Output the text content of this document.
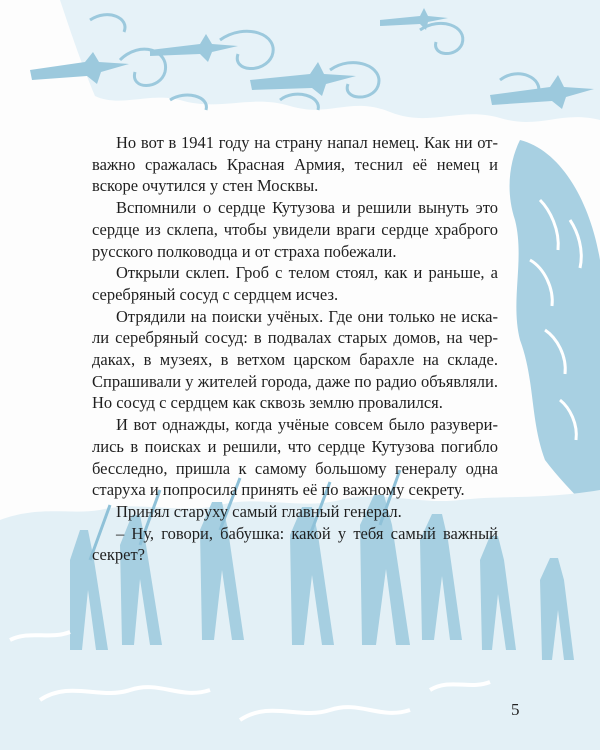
Но вот в 1941 году на страну напал немец. Как ни отважно сражалась Красная Армия, теснил её немец и вскоре очутился у стен Москвы.

Вспомнили о сердце Кутузова и решили вынуть это сердце из склепа, чтобы увидели враги сердце храброго русского полководца и от страха побежали.

Открыли склеп. Гроб с телом стоял, как и раньше, а серебряный сосуд с сердцем исчез.

Отрядили на поиски учёных. Где они только не искали серебряный сосуд: в подвалах старых домов, на чердаках, в музеях, в ветхом царском барахле на складе. Спрашивали у жителей города, даже по радио объявляли. Но сосуд с сердцем как сквозь землю провалился.

И вот однажды, когда учёные совсем было разуверились в поисках и решили, что сердце Кутузова погибло бесследно, пришла к самому большому генералу одна старуха и попросила принять её по важному секрету.

Принял старуху самый главный генерал.

– Ну, говори, бабушка: какой у тебя самый важный секрет?

5
